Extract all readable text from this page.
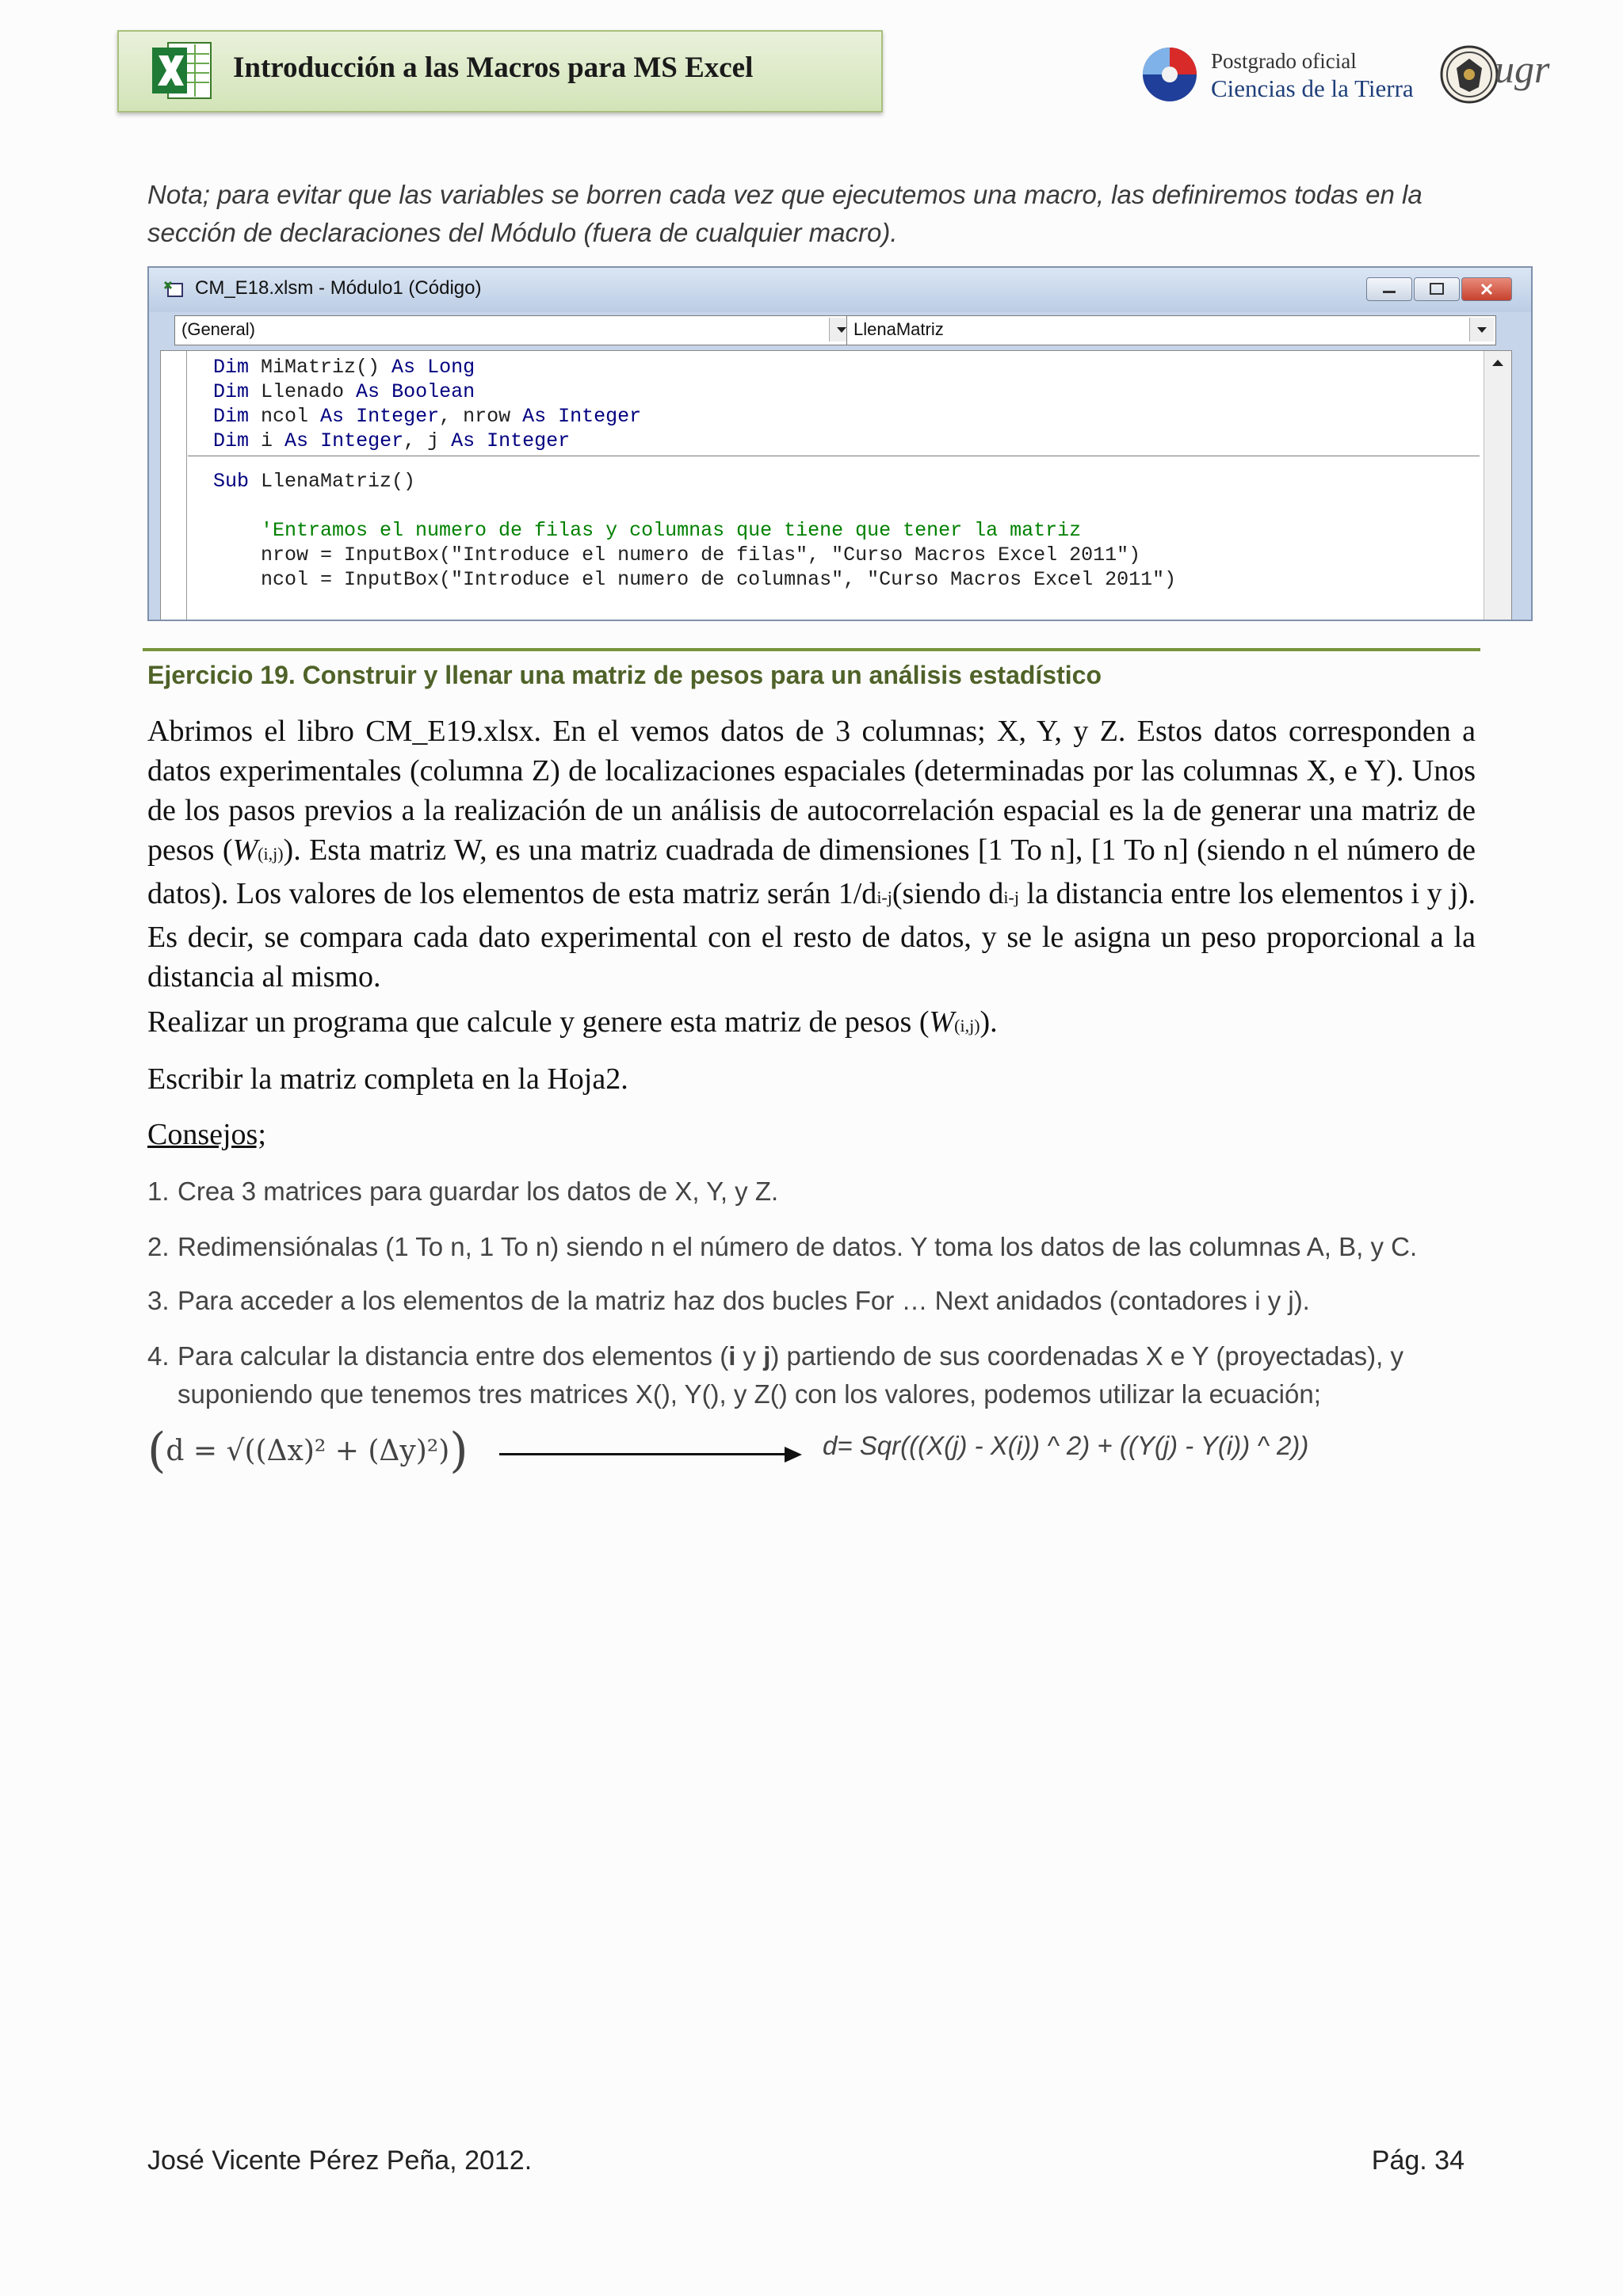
Introducción a las Macros para MS Excel	Postgrado oficial
Ciencias de la Tierra ugr
Nota; para evitar que las variables se borren cada vez que ejecutemos una macro, las definiremos todas en la sección de declaraciones del Módulo (fuera de cualquier macro).
CM_E18.xlsm - Módulo1 (Código)
(General)	LlenaMatriz
Dim MiMatriz() As Long
Dim Llenado As Boolean
Dim ncol As Integer, nrow As Integer
Dim i As Integer, j As Integer
Sub LlenaMatriz()
'Entramos el numero de filas y columnas que tiene que tener la matriz
nrow = InputBox("Introduce el numero de filas", "Curso Macros Excel 2011")
ncol = InputBox("Introduce el numero de columnas", "Curso Macros Excel 2011")
Ejercicio 19. Construir y llenar una matriz de pesos para un análisis estadístico
Abrimos el libro CM_E19.xlsx. En el vemos datos de 3 columnas; X, Y, y Z. Estos datos corresponden a datos experimentales (columna Z) de localizaciones espaciales (determinadas por las columnas X, e Y). Unos de los pasos previos a la realización de un análisis de autocorrelación espacial es la de generar una matriz de pesos (W(i,j)). Esta matriz W, es una matriz cuadrada de dimensiones [1 To n], [1 To n] (siendo n el número de datos). Los valores de los elementos de esta matriz serán 1/di-j(siendo di-j la distancia entre los elementos i y j). Es decir, se compara cada dato experimental con el resto de datos, y se le asigna un peso proporcional a la distancia al mismo.
Realizar un programa que calcule y genere esta matriz de pesos (W(i,j)).
Escribir la matriz completa en la Hoja2.
Consejos;
1. Crea 3 matrices para guardar los datos de X, Y, y Z.
2. Redimensiónalas (1 To n, 1 To n) siendo n el número de datos. Y toma los datos de las columnas A, B, y C.
3. Para acceder a los elementos de la matriz haz dos bucles For … Next anidados (contadores i y j).
4. Para calcular la distancia entre dos elementos (i y j) partiendo de sus coordenadas X e Y (proyectadas), y
suponiendo que tenemos tres matrices X(), Y(), y Z() con los valores, podemos utilizar la ecuación;
(d = √((Δx)² + (Δy)²))	d= Sqr(((X(j) - X(i)) ^ 2) + ((Y(j) - Y(i)) ^ 2))
José Vicente Pérez Peña, 2012.	Pág. 34
